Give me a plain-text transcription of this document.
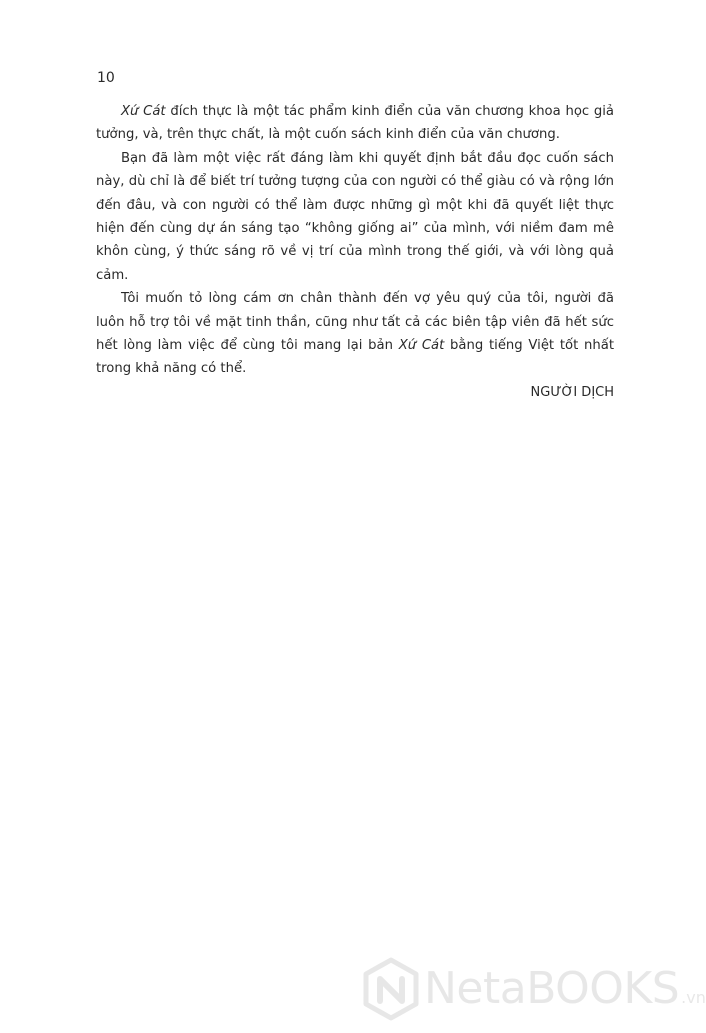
10

Xứ Cát đích thực là một tác phẩm kinh điển của văn chương khoa học giả tưởng, và, trên thực chất, là một cuốn sách kinh điển của văn chương.

Bạn đã làm một việc rất đáng làm khi quyết định bắt đầu đọc cuốn sách này, dù chỉ là để biết trí tưởng tượng của con người có thể giàu có và rộng lớn đến đâu, và con người có thể làm được những gì một khi đã quyết liệt thực hiện đến cùng dự án sáng tạo “không giống ai” của mình, với niềm đam mê khôn cùng, ý thức sáng rõ về vị trí của mình trong thế giới, và với lòng quả cảm.

Tôi muốn tỏ lòng cám ơn chân thành đến vợ yêu quý của tôi, người đã luôn hỗ trợ tôi về mặt tinh thần, cũng như tất cả các biên tập viên đã hết sức hết lòng làm việc để cùng tôi mang lại bản Xứ Cát bằng tiếng Việt tốt nhất trong khả năng có thể.

NGƯỜI DỊCH

NetaBOOKS .vn
